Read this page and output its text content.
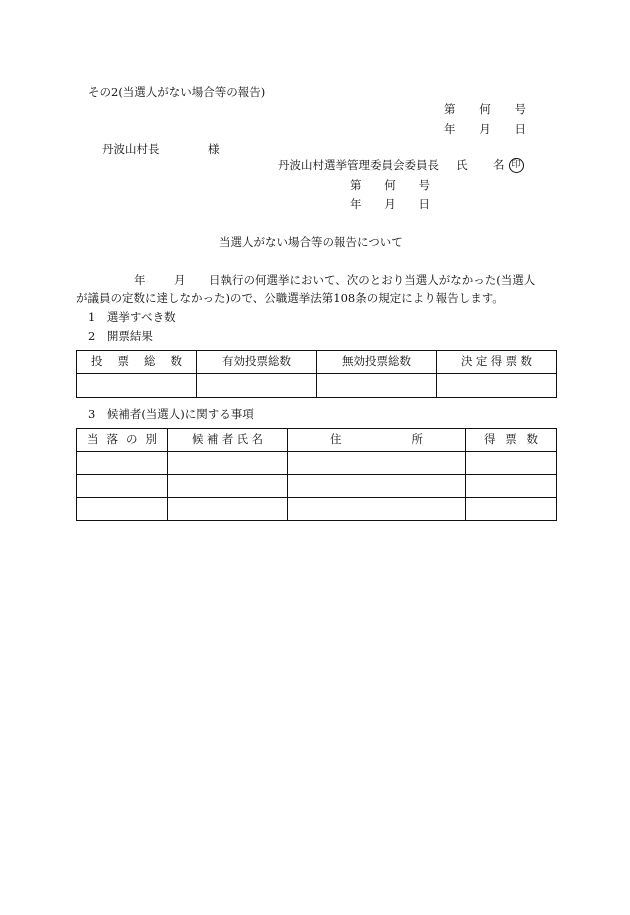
その2(当選人がない場合等の報告)
第 何 号
年 月 日
丹波山村長	様
丹波山村選挙管理委員会委員長 氏 名 印
第 何 号
年 月 日
当選人がない場合等の報告について
年 月 日執行の何選挙において、次のとおり当選人がなかった(当選人
が議員の定数に達しなかった)ので、公職選挙法第108条の規定により報告します。
1　選挙すべき数
2　開票結果
投 票 総 数	有効投票総数	無効投票総数	決 定 得 票 数

3　候補者(当選人)に関する事項
当 落 の 別	候 補 者 氏 名	住 所	得 票 数
